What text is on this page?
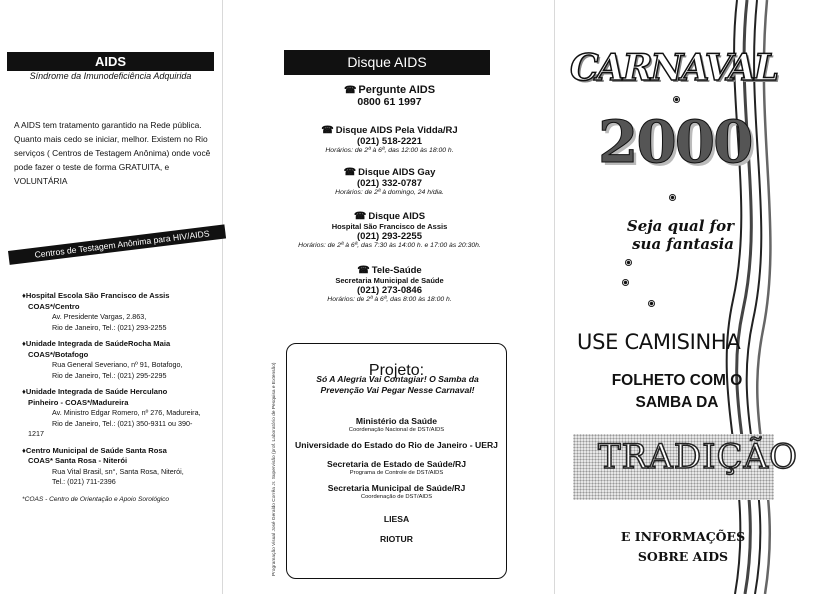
AIDS
Síndrome da Imunodeficiência Adquirida
A AIDS tem tratamento garantido na Rede pública. Quanto mais cedo se iniciar, melhor. Existem no Rio serviços ( Centros de Testagem Anônima) onde você pode fazer o teste de forma GRATUITA, e VOLUNTÁRIA
Centros de Testagem Anônima para HIV/AIDS
♦Hospital Escola São Francisco de Assis
COAS*/Centro
Av. Presidente Vargas, 2.863,
Rio de Janeiro, Tel.: (021) 293-2255
♦Unidade Integrada de SaúdeRocha Maia
COAS*/Botafogo
Rua General Severiano, nº 91, Botafogo,
Rio de Janeiro, Tel.: (021) 295-2295
♦Unidade Integrada de Saúde Herculano
Pinheiro - COAS*/Madureira
Av. Ministro Edgar Romero, nº 276, Madureira,
Rio de Janeiro, Tel.: (021) 350-9311 ou 390-
1217
♦Centro Municipal de Saúde Santa Rosa
COAS* Santa Rosa - Niterói
Rua Vital Brasil, sn°, Santa Rosa, Niterói,
Tel.: (021) 711-2396
*COAS - Centro de Orientação e Apoio Sorológico
Disque AIDS
☎ Pergunte AIDS
0800 61 1997
☎ Disque AIDS Pela Vidda/RJ
(021) 518-2221
Horários: de 2ª à 6ª, das 12:00 às 18:00 h.
☎ Disque AIDS Gay
(021) 332-0787
Horários: de 2ª à domingo, 24 h/dia.
☎ Disque AIDS
Hospital São Francisco de Assis
(021) 293-2255
Horários: de 2ª à 6ª, das 7:30 às 14:00 h. e 17:00 às 20:30h.
☎ Tele-Saúde
Secretaria Municipal de Saúde
(021) 273-0846
Horários: de 2ª à 6ª, das 8:00 às 18:00 h.
Projeto:
Só A Alegria Vai Contagiar! O Samba da Prevenção Vai Pegar Nesse Carnaval!
Ministério da Saúde
Coordenação Nacional de DST/AIDS
Universidade do Estado do Rio de Janeiro - UERJ
Secretaria de Estado de Saúde/RJ
Programa de Controle de DST/AIDS
Secretaria Municipal de Saúde/RJ
Coordenação de DST/AIDS
LIESA
RIOTUR
Programação Visual José Geraldo Corrêa Jr. Supervisão (prof. Laboratório de Pesquisa e Extensão)
CARNAVAL
2000
Seja qual for
sua fantasia
USE CAMISINHA
FOLHETO COM O
SAMBA DA
TRADIÇÃO
E INFORMAÇÕES
SOBRE AIDS
